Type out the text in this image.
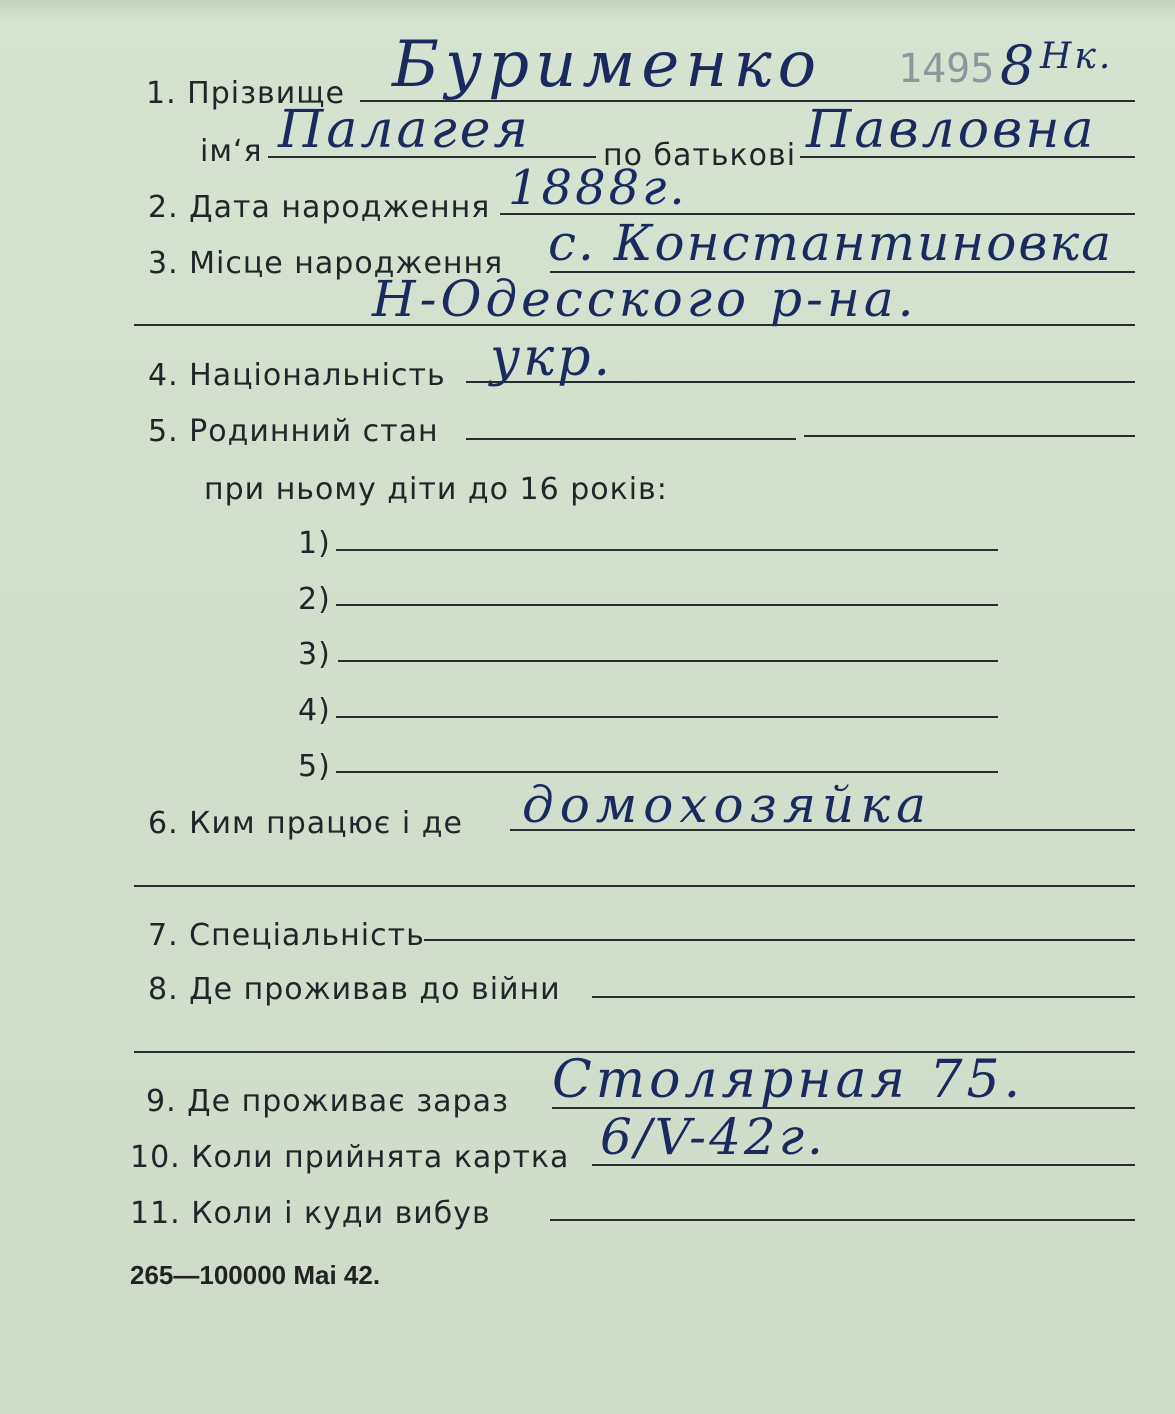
1. Прізвище Бурименко 1495 8 Нк.
ім‘я Палагея по батькові Павловна
2. Дата народження 1888г.
3. Місце народження с. Константиновка
Н-Одесского р-на.
4. Національність укр.
5. Родинний стан
при ньому діти до 16 років:
1)
2)
3)
4)
5)
6. Ким працює і де домохозяйка
7. Спеціальність
8. Де проживав до війни
9. Де проживає зараз Столярная 75.
10. Коли прийнята картка 6/V-42г.
11. Коли і куди вибув
265—100000 Mai 42.
